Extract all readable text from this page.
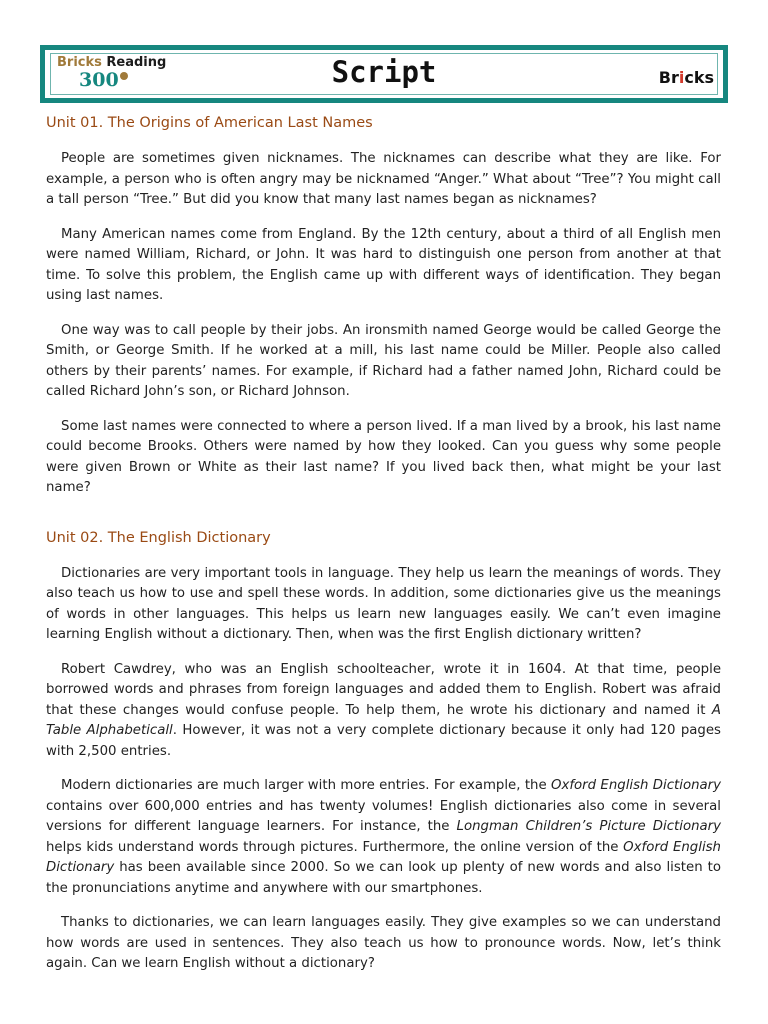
Bricks Reading
300	Script	Bricks
Unit 01. The Origins of American Last Names

People are sometimes given nicknames. The nicknames can describe what they are like. For example, a person who is often angry may be nicknamed “Anger.” What about “Tree”? You might call a tall person “Tree.” But did you know that many last names began as nicknames?

Many American names come from England. By the 12th century, about a third of all English men were named William, Richard, or John. It was hard to distinguish one person from another at that time. To solve this problem, the English came up with different ways of identification. They began using last names.

One way was to call people by their jobs. An ironsmith named George would be called George the Smith, or George Smith. If he worked at a mill, his last name could be Miller. People also called others by their parents’ names. For example, if Richard had a father named John, Richard could be called Richard John’s son, or Richard Johnson.

Some last names were connected to where a person lived. If a man lived by a brook, his last name could become Brooks. Others were named by how they looked. Can you guess why some people were given Brown or White as their last name? If you lived back then, what might be your last name?

Unit 02. The English Dictionary

Dictionaries are very important tools in language. They help us learn the meanings of words. They also teach us how to use and spell these words. In addition, some dictionaries give us the meanings of words in other languages. This helps us learn new languages easily. We can’t even imagine learning English without a dictionary. Then, when was the first English dictionary written?

Robert Cawdrey, who was an English schoolteacher, wrote it in 1604. At that time, people borrowed words and phrases from foreign languages and added them to English. Robert was afraid that these changes would confuse people. To help them, he wrote his dictionary and named it A Table Alphabeticall. However, it was not a very complete dictionary because it only had 120 pages with 2,500 entries.

Modern dictionaries are much larger with more entries. For example, the Oxford English Dictionary contains over 600,000 entries and has twenty volumes! English dictionaries also come in several versions for different language learners. For instance, the Longman Children’s Picture Dictionary helps kids understand words through pictures. Furthermore, the online version of the Oxford English Dictionary has been available since 2000. So we can look up plenty of new words and also listen to the pronunciations anytime and anywhere with our smartphones.

Thanks to dictionaries, we can learn languages easily. They give examples so we can understand how words are used in sentences. They also teach us how to pronounce words. Now, let’s think again. Can we learn English without a dictionary?
